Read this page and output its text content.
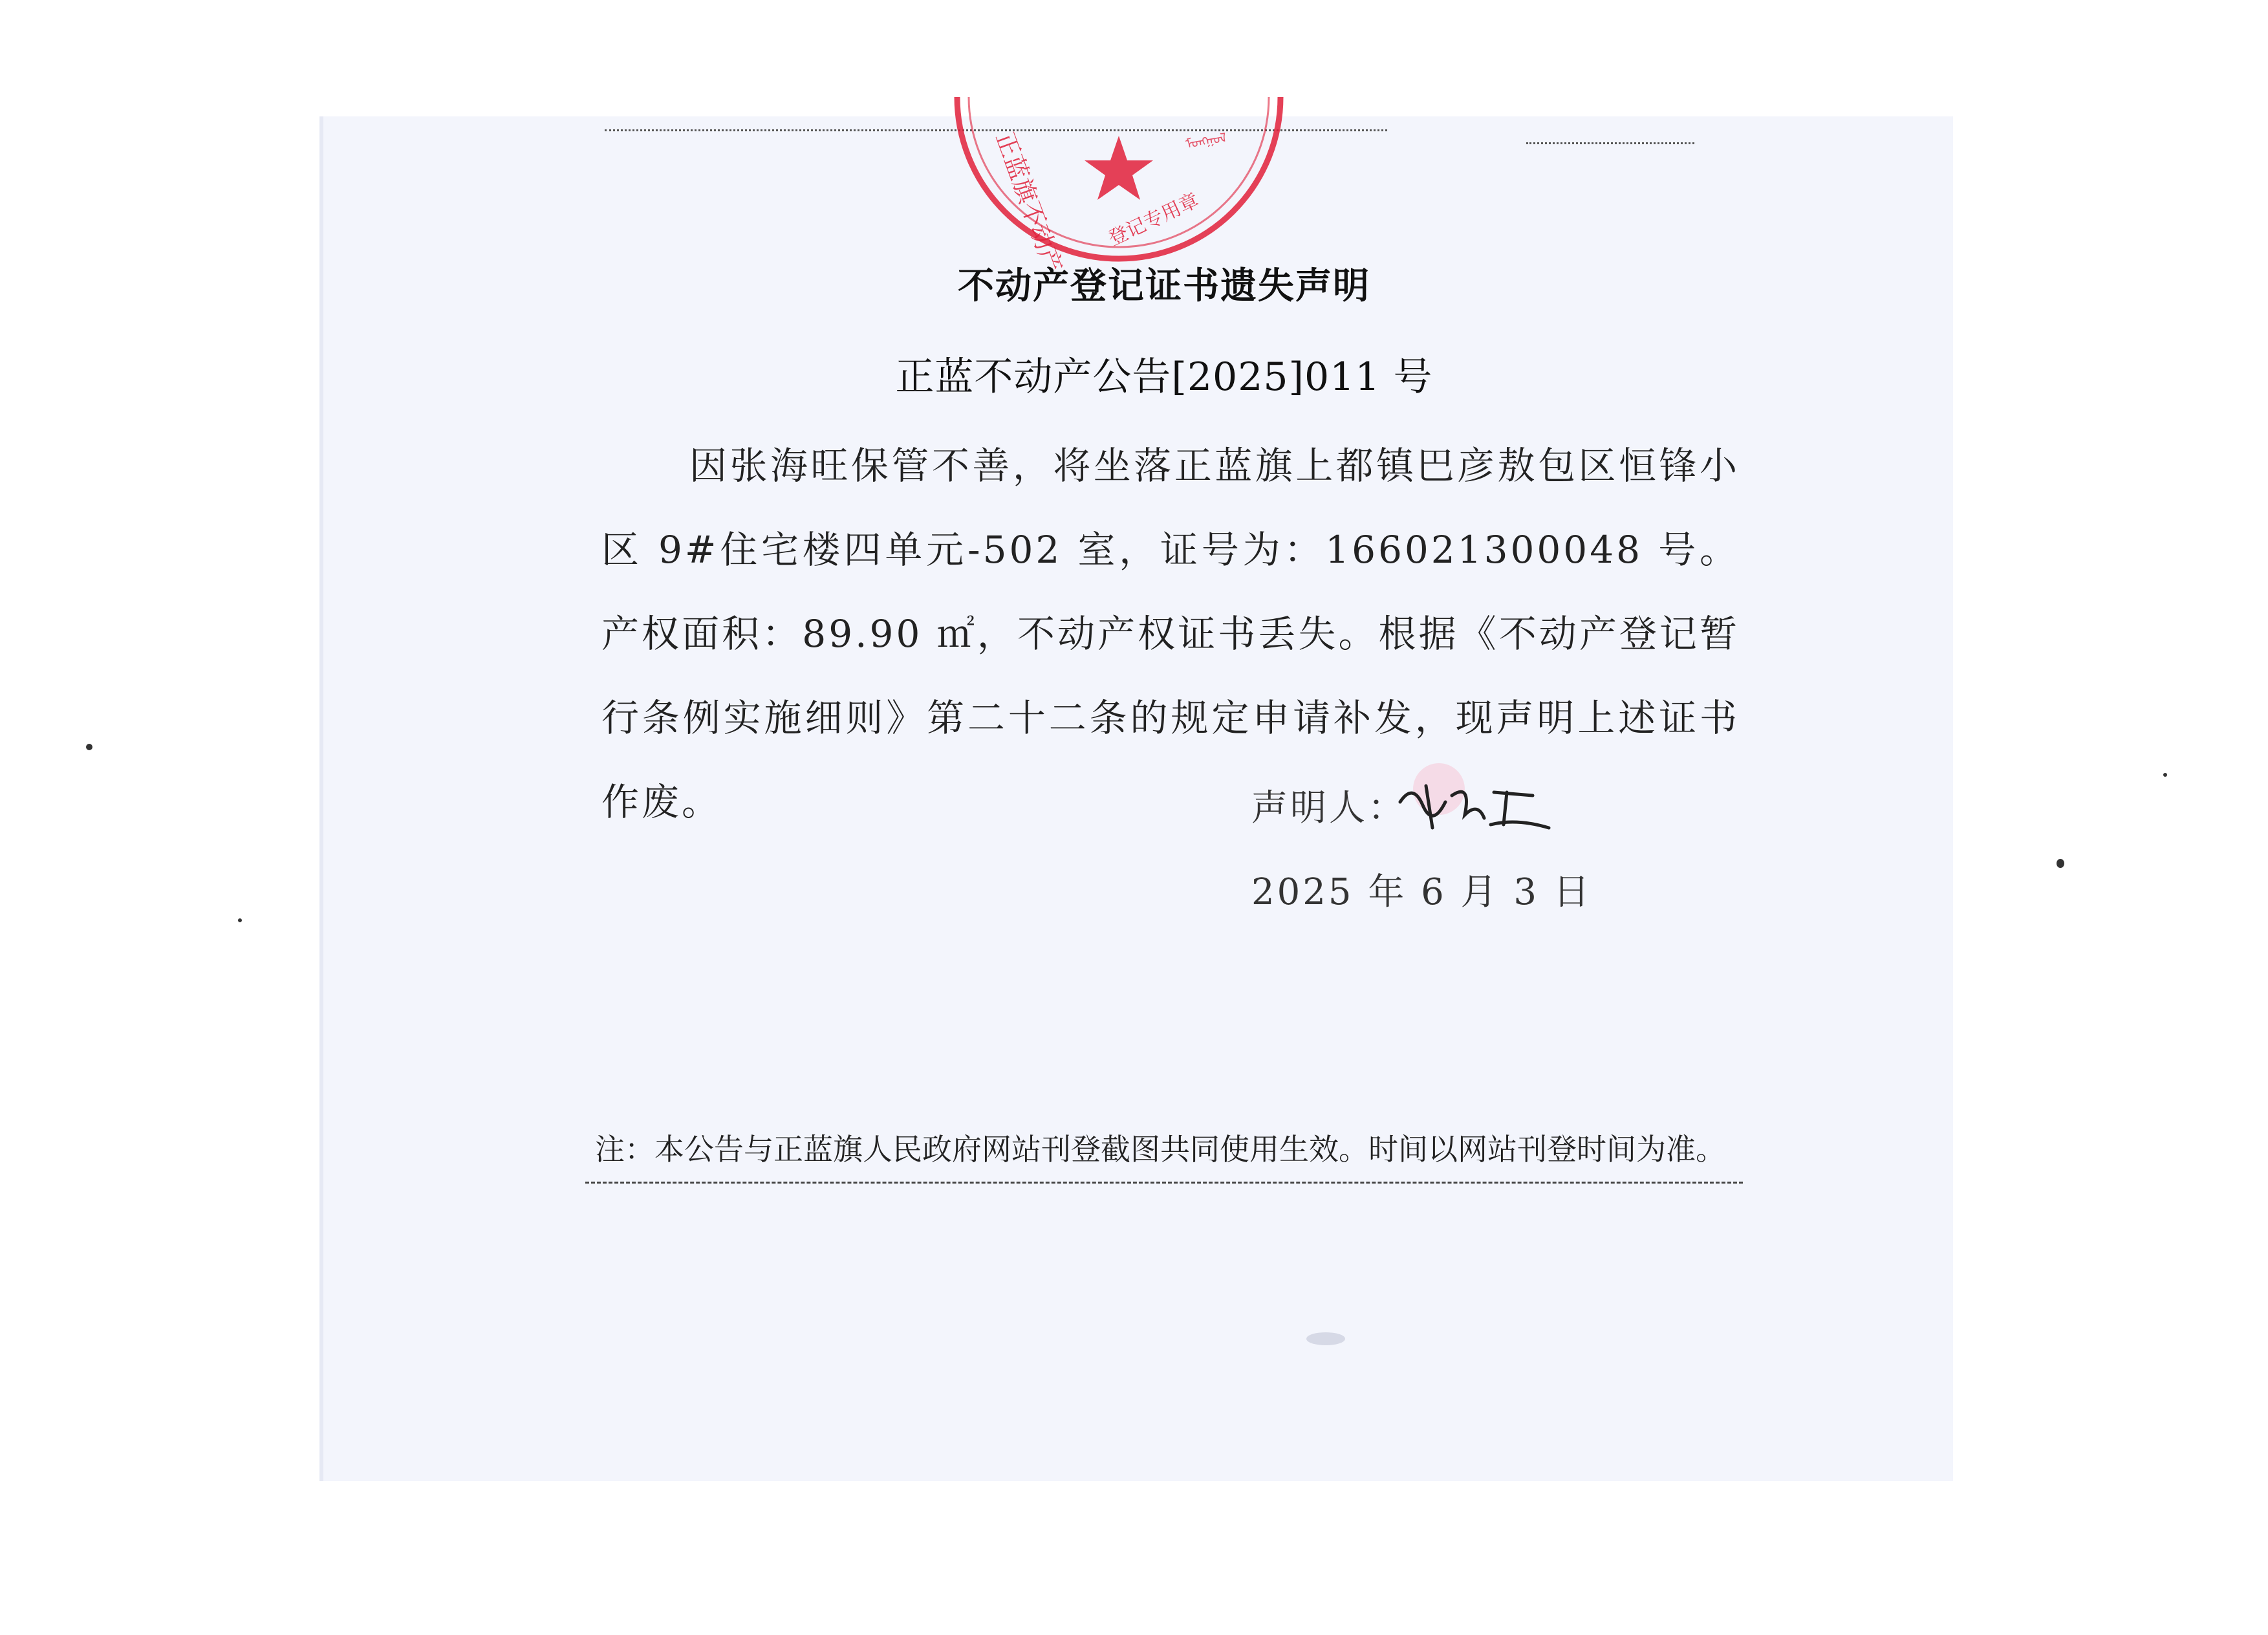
正蓝旗不动产 登记专用章
ᠮᠣᠩᠭᠣᠯ
不动产登记证书遗失声明
正蓝不动产公告[2025]011 号
因张海旺保管不善，将坐落正蓝旗上都镇巴彦敖包区恒锋小区 9#住宅楼四单元-502 室，证号为：166021300048 号。产权面积：89.90 ㎡，不动产权证书丢失。根据《不动产登记暂行条例实施细则》第二十二条的规定申请补发，现声明上述证书作废。	声明人：
2025 年 6 月 3 日
注：本公告与正蓝旗人民政府网站刊登截图共同使用生效。时间以网站刊登时间为准。
